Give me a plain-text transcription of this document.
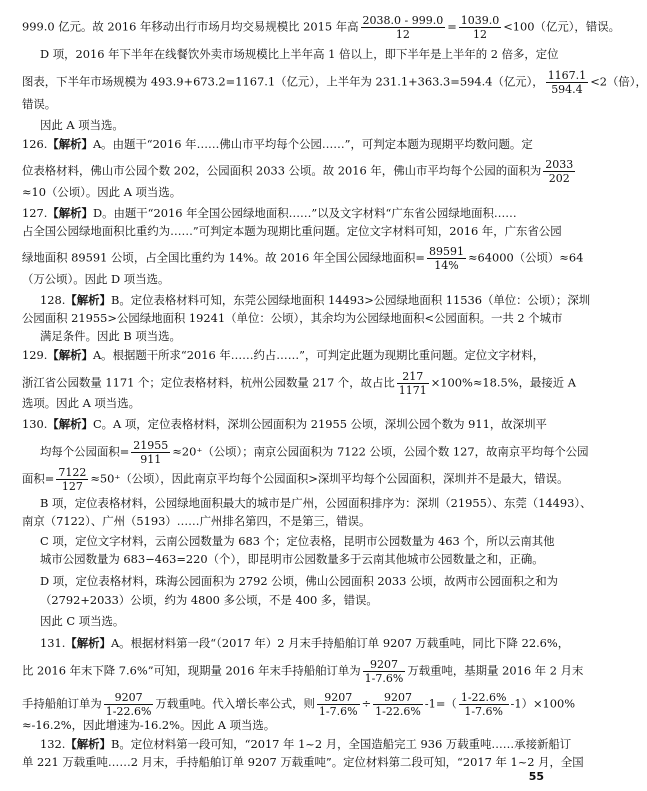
999.0 亿元。故 2016 年移动出行市场月均交易规模比 2015 年高 $\frac{2038.0 - 999.0}{12} = \frac{1039.0}{12} <100$（亿元），错误。
D 项，2016 年下半年在线餐饮外卖市场规模比上半年高 1 倍以上，即下半年是上半年的 2 倍多，定位
图表，下半年市场规模为 493.9+673.2=1167.1（亿元），上半年为 231.1+363.3=594.4（亿元）， $\frac{1167.1}{594.4} <2$（倍），
错误。
因此 A 项当选。
126.【解析】A。由题干“2016 年……佛山市平均每个公园……”，可判定本题为现期平均数问题。定
位表格材料，佛山市公园个数 202，公园面积 2033 公顷。故 2016 年，佛山市平均每个公园的面积为 $\frac{2033}{202}$
≈10（公顷）。因此 A 项当选。
127.【解析】D。由题干“2016 年全国公园绿地面积……”以及文字材料“广东省公园绿地面积……
占全国公园绿地面积比重约为……”可判定本题为现期比重问题。定位文字材料可知，2016 年，广东省公园
绿地面积 89591 公顷，占全国比重约为 14%。故 2016 年全国公园绿地面积= $\frac{89591}{14\%} \approx 64000$（公顷）≈64
（万公顷）。因此 D 项当选。
128.【解析】B。定位表格材料可知，东莞公园绿地面积 14493>公园绿地面积 11536（单位：公顷）；深圳
公园面积 21955>公园绿地面积 19241（单位：公顷），其余均为公园绿地面积<公园面积。一共 2 个城市
满足条件。因此 B 项当选。
129.【解析】A。根据题干所求“2016 年……约占……”，可判定此题为现期比重问题。定位文字材料，
浙江省公园数量 1171 个；定位表格材料，杭州公园数量 217 个，故占比 $\frac{217}{1171} \times 100\%\approx 18.5\%$，最接近 A
选项。因此 A 项当选。
130.【解析】C。A 项，定位表格材料，深圳公园面积为 21955 公顷，深圳公园个数为 911，故深圳平
均每个公园面积= $\frac{21955}{911} \approx 20^+$（公顷）；南京公园面积为 7122 公顷，公园个数 127，故南京平均每个公园
面积= $\frac{7122}{127} \approx 50^+$（公顷），因此南京平均每个公园面积>深圳平均每个公园面积，深圳并不是最大，错误。
B 项，定位表格材料，公园绿地面积最大的城市是广州，公园面积排序为：深圳（21955）、东莞（14493）、
南京（7122）、广州（5193）……广州排名第四，不是第三，错误。
C 项，定位文字材料，云南公园数量为 683 个；定位表格，昆明市公园数量为 463 个，所以云南其他
城市公园数量为 683−463=220（个），即昆明市公园数量多于云南其他城市公园数量之和，正确。
D 项，定位表格材料，珠海公园面积为 2792 公顷，佛山公园面积 2033 公顷，故两市公园面积之和为
（2792+2033）公顷，约为 4800 多公顷，不是 400 多，错误。
因此 C 项当选。
131.【解析】A。根据材料第一段“（2017 年）2 月末手持船舶订单 9207 万载重吨，同比下降 22.6%，
比 2016 年末下降 7.6%”可知，现期量 2016 年末手持船舶订单为 $\frac{9207}{1-7.6\%}$ 万载重吨，基期量 2016 年 2 月末
手持船舶订单为 $\frac{9207}{1-22.6\%}$ 万载重吨。代入增长率公式，则 $\frac{9207}{1-7.6\%} \div \frac{9207}{1-22.6\%} -1=( \frac{1-22.6\%}{1-7.6\%} -1)\times 100\%$
≈-16.2%，因此增速为-16.2%。因此 A 项当选。
132.【解析】B。定位材料第一段可知，“2017 年 1~2 月，全国造船完工 936 万载重吨……承接新船订
单 221 万载重吨……2 月末，手持船舶订单 9207 万载重吨”。定位材料第二段可知，“2017 年 1~2 月，全国
55
